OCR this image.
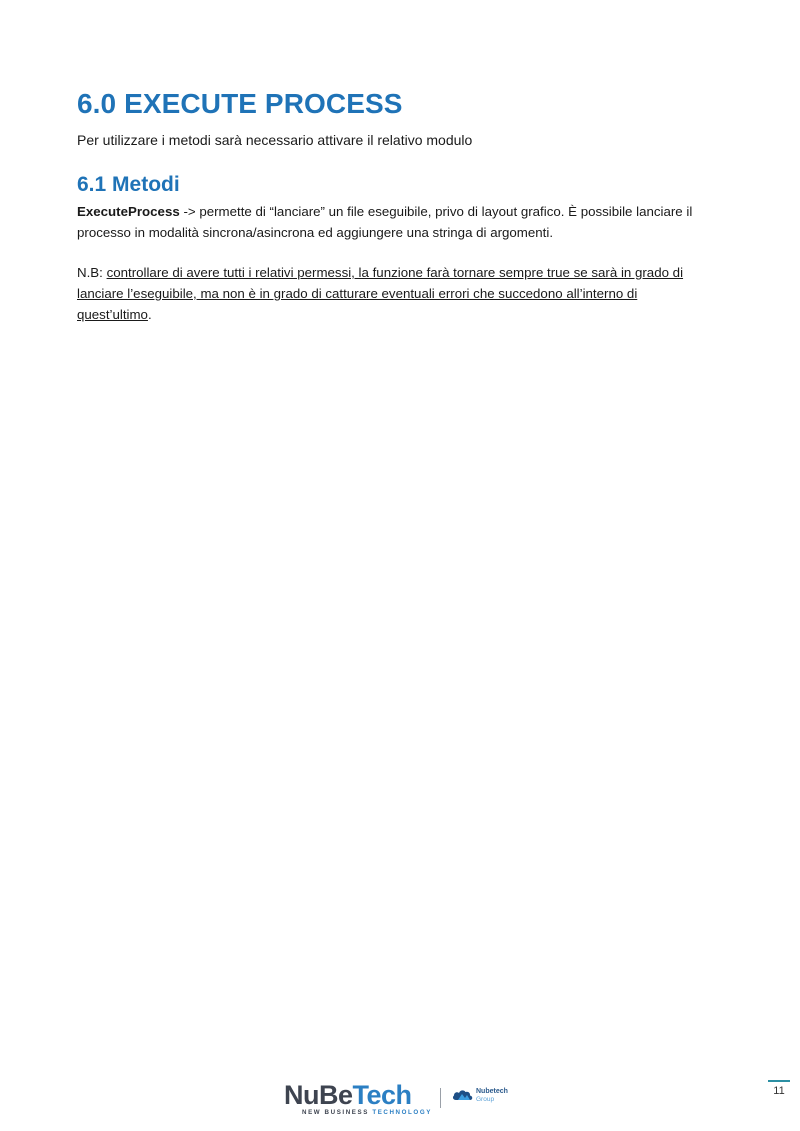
6.0 EXECUTE PROCESS

Per utilizzare i metodi sarà necessario attivare il relativo modulo

6.1 Metodi

ExecuteProcess -> permette di “lanciare” un file eseguibile, privo di layout grafico. È possibile lanciare il processo in modalità sincrona/asincrona ed aggiungere una stringa di argomenti.

N.B: controllare di avere tutti i relativi permessi, la funzione farà tornare sempre true se sarà in grado di lanciare l’eseguibile, ma non è in grado di catturare eventuali errori che succedono all’interno di quest’ultimo.

NuBeTech
NEW BUSINESS TECHNOLOGY
Nubetech
Group
11
